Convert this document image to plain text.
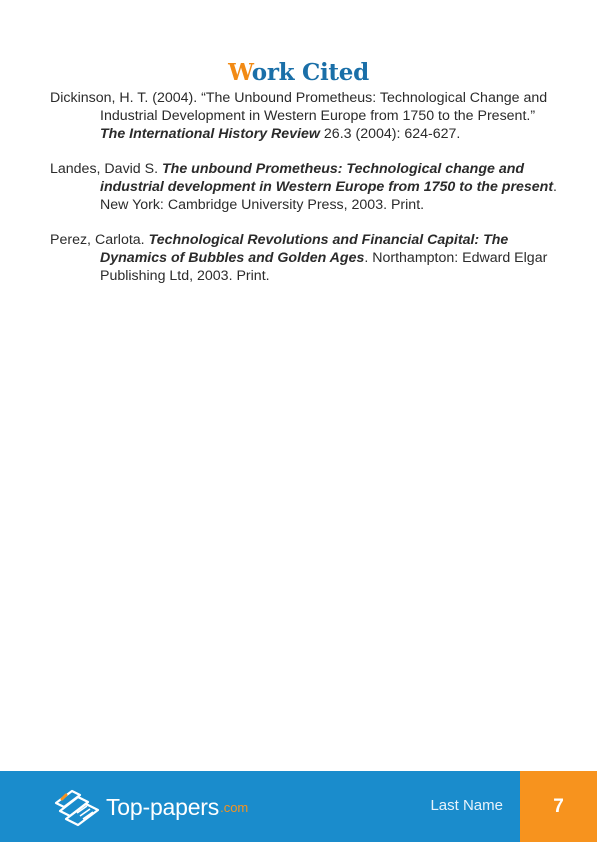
Work Cited

Dickinson, H. T. (2004). “The Unbound Prometheus: Technological Change and Industrial Development in Western Europe from 1750 to the Present.” The International History Review 26.3 (2004): 624-627.

Landes, David S. The unbound Prometheus: Technological change and industrial development in Western Europe from 1750 to the present. New York: Cambridge University Press, 2003. Print.

Perez, Carlota. Technological Revolutions and Financial Capital: The Dynamics of Bubbles and Golden Ages. Northampton: Edward Elgar Publishing Ltd, 2003. Print.

Top-papers .com	Last Name	7
